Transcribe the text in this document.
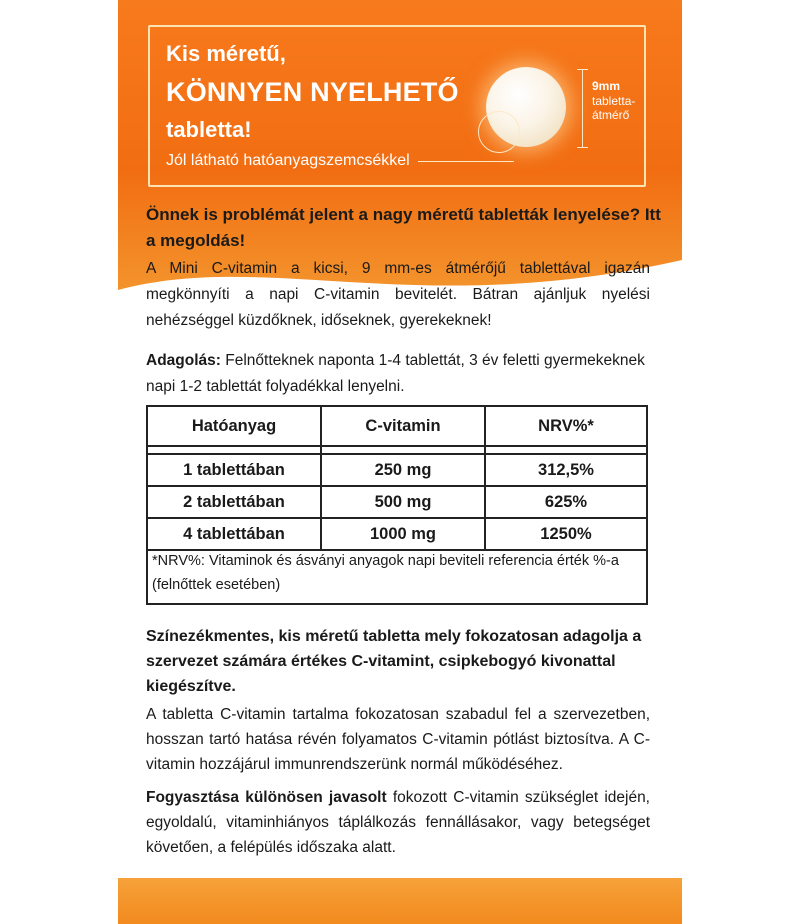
Kis méretű,
KÖNNYEN NYELHETŐ
tabletta!
Jól látható hatóanyagszemcsékkel
9mm
tabletta-átmérő
Önnek is problémát jelent a nagy méretű tabletták lenyelése? Itt a megoldás!
A Mini C-vitamin a kicsi, 9 mm-es átmérőjű tablettával igazán megkönnyíti a napi C-vitamin bevitelét. Bátran ajánljuk nyelési nehézséggel küzdőknek, időseknek, gyerekeknek!
Adagolás: Felnőtteknek naponta 1-4 tablettát, 3 év feletti gyermekeknek napi 1-2 tablettát folyadékkal lenyelni.
Hatóanyag	C-vitamin	NRV%*

1 tablettában	250 mg	312,5%
2 tablettában	500 mg	625%
4 tablettában	1000 mg	1250%
*NRV%: Vitaminok és ásványi anyagok napi beviteli referencia érték %-a (felnőttek esetében)
Színezékmentes, kis méretű tabletta mely fokozatosan adagolja a szervezet számára értékes C-vitamint, csipkebogyó kivonattal kiegészítve.
A tabletta C-vitamin tartalma fokozatosan szabadul fel a szervezetben, hosszan tartó hatása révén folyamatos C-vitamin pótlást biztosítva. A C-vitamin hozzájárul immunrendszerünk normál működéséhez.
Fogyasztása különösen javasolt fokozott C-vitamin szükséglet idején, egyoldalú, vitaminhiányos táplálkozás fennállásakor, vagy betegséget követően, a felépülés időszaka alatt.
